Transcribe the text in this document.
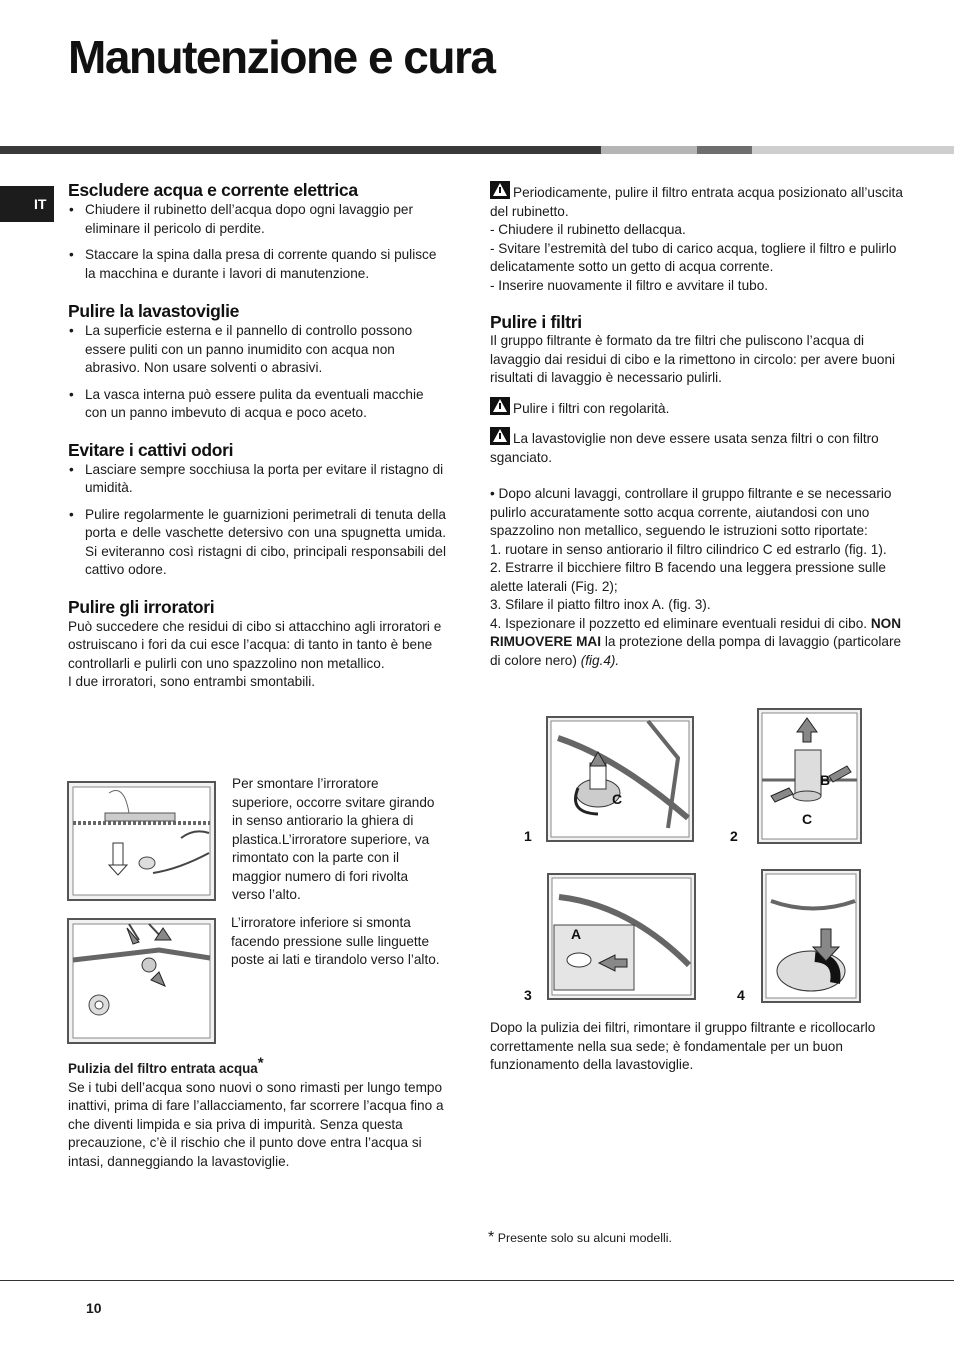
Manutenzione e cura
IT
Escludere acqua e corrente elettrica

• Chiudere il rubinetto dell’acqua dopo ogni lavaggio per eliminare il pericolo di perdite.

• Staccare la spina dalla presa di corrente quando si pulisce la macchina e durante i lavori di manutenzione.

Pulire la lavastoviglie

• La superficie esterna e il pannello di controllo possono essere puliti con un panno inumidito con acqua non abrasivo. Non usare solventi o abrasivi.

• La vasca interna può essere pulita da eventuali macchie con un panno imbevuto di acqua e poco aceto.

Evitare i cattivi odori

• Lasciare sempre socchiusa la porta per evitare il ristagno di umidità.

• Pulire regolarmente le guarnizioni perimetrali di tenuta della porta e delle vaschette detersivo con una spugnetta umida. Si eviteranno così ristagni di cibo, principali responsabili del cattivo odore.

Pulire gli irroratori

Può succedere che residui di cibo si attacchino agli irroratori e ostruiscano i fori da cui esce l’acqua: di tanto in tanto è bene controllarli e pulirli con uno spazzolino non metallico.

I due irroratori, sono entrambi smontabili.

Per smontare l’irroratore superiore, occorre svitare girando in senso antiorario la ghiera di plastica.L’irroratore superiore, va rimontato con la parte con il maggior numero di fori rivolta verso l’alto.

L’irroratore inferiore si smonta facendo pressione sulle linguette poste ai lati e tirandolo verso l’alto.

Pulizia del filtro entrata acqua*

Se i tubi dell’acqua sono nuovi o sono rimasti per lungo tempo inattivi, prima di fare l’allacciamento, far scorrere l’acqua fino a che diventi limpida e sia priva di impurità. Senza questa precauzione, c’è il rischio che il punto dove entra l’acqua si intasi, danneggiando la lavastoviglie.

Periodicamente, pulire il filtro entrata acqua posizionato all’uscita del rubinetto.

- Chiudere il rubinetto dellacqua.

- Svitare l’estremità del tubo di carico acqua, togliere il filtro e pulirlo delicatamente sotto un getto di acqua corrente.

- Inserire nuovamente il filtro e avvitare il tubo.

Pulire i filtri

Il gruppo filtrante è formato da tre filtri che puliscono l’acqua di lavaggio dai residui di cibo e la rimettono in circolo: per avere buoni risultati di lavaggio è necessario pulirli.

Pulire i filtri con regolarità.

La lavastoviglie non deve essere usata senza filtri o con filtro sganciato.

• Dopo alcuni lavaggi, controllare il gruppo filtrante e se necessario pulirlo accuratamente sotto acqua corrente, aiutandosi con uno spazzolino non metallico, seguendo le istruzioni sotto riportate:

1. ruotare in senso antiorario il filtro cilindrico C ed estrarlo (fig. 1).

2. Estrarre il bicchiere filtro B facendo una leggera pressione sulle alette laterali (Fig. 2);

3. Sfilare il piatto filtro inox A. (fig. 3).

4. Ispezionare il pozzetto ed eliminare eventuali residui di cibo. NON RIMUOVERE MAI la protezione della pompa di lavaggio (particolare di colore nero) (fig.4).

1
C
2
B
C
3
A
4

Dopo la pulizia dei filtri, rimontare il gruppo filtrante e ricollocarlo correttamente nella sua sede; è fondamentale per un buon funzionamento della lavastoviglie.

* Presente solo su alcuni modelli.
10
